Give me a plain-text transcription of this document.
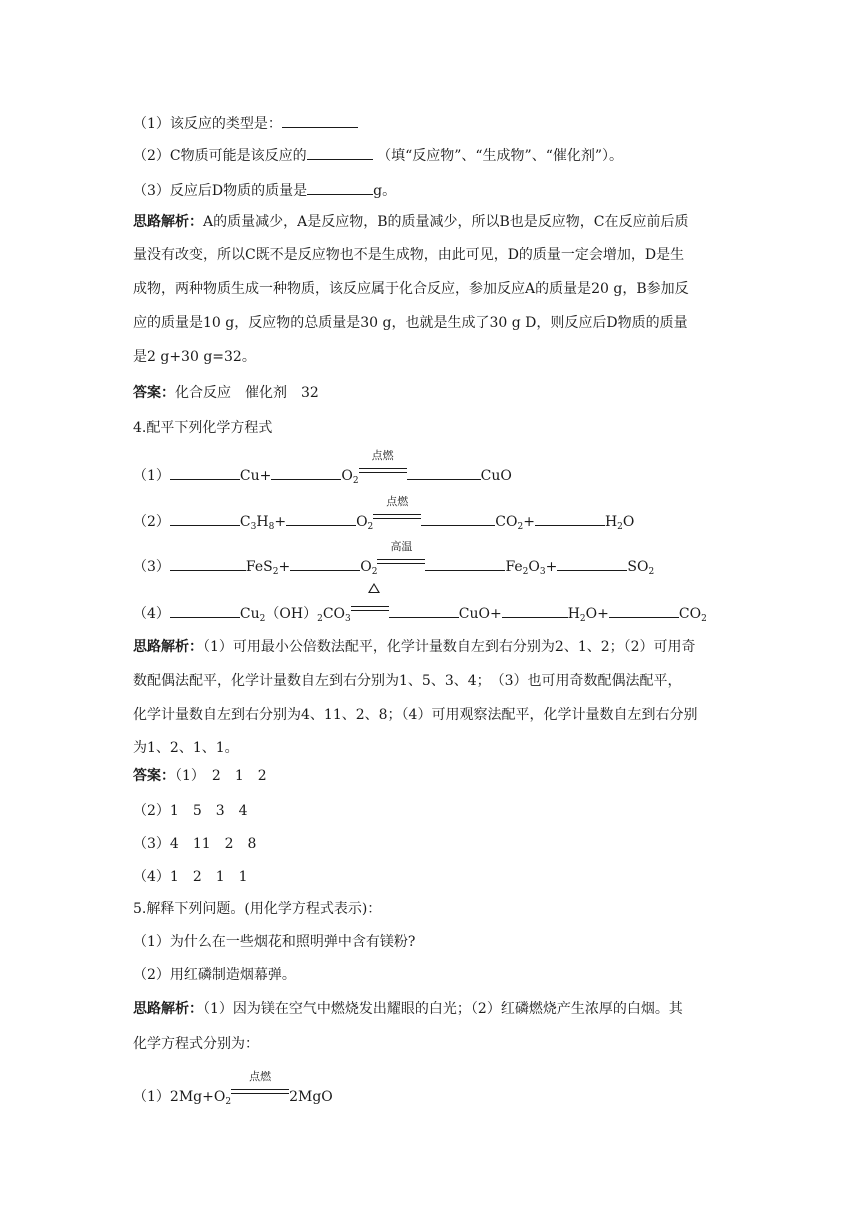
（1）该反应的类型是：
（2）C物质可能是该反应的	（填“反应物”、“生成物”、“催化剂”）。
（3）反应后D物质的质量是	g。
思路解析：A的质量减少，A是反应物，B的质量减少，所以B也是反应物，C在反应前后质
量没有改变，所以C既不是反应物也不是生成物，由此可见，D的质量一定会增加，D是生
成物，两种物质生成一种物质，该反应属于化合反应，参加反应A的质量是20 g，B参加反
应的质量是10 g，反应物的总质量是30 g，也就是生成了30 g D，则反应后D物质的质量
是2 g+30 g=32。
答案：化合反应　催化剂　32
4.配平下列化学方程式
（1）	Cu+	$O_2$
点燃
CuO
（2）	$C_3H_8+$	$O_2$
点燃
$CO_2+$	$H_2O$
（3）	FeS$_2$+	$O_2$
高温
$Fe_2O_3+$	$SO_2$
（4）	$Cu_2(OH)_2CO_3$	CuO+	$H_2O+$	$CO_2$
思路解析：（1）可用最小公倍数法配平，化学计量数自左到右分别为2、1、2；（2）可用奇
数配偶法配平，化学计量数自左到右分别为1、5、3、4；　（3）也可用奇数配偶法配平，
化学计量数自左到右分别为4、11、2、8；（4）可用观察法配平，化学计量数自左到右分别
为1、2、1、1。
答案：（1）　2　1　2
（2）1　5　3　4
（3）4　11　2　8
（4）1　2　1　1
5.解释下列问题。(用化学方程式表示)：
（1）为什么在一些烟花和照明弹中含有镁粉?
（2）用红磷制造烟幕弹。
思路解析：（1）因为镁在空气中燃烧发出耀眼的白光；（2）红磷燃烧产生浓厚的白烟。其
化学方程式分别为：
$(1)2Mg+O_2$
点燃
2MgO
